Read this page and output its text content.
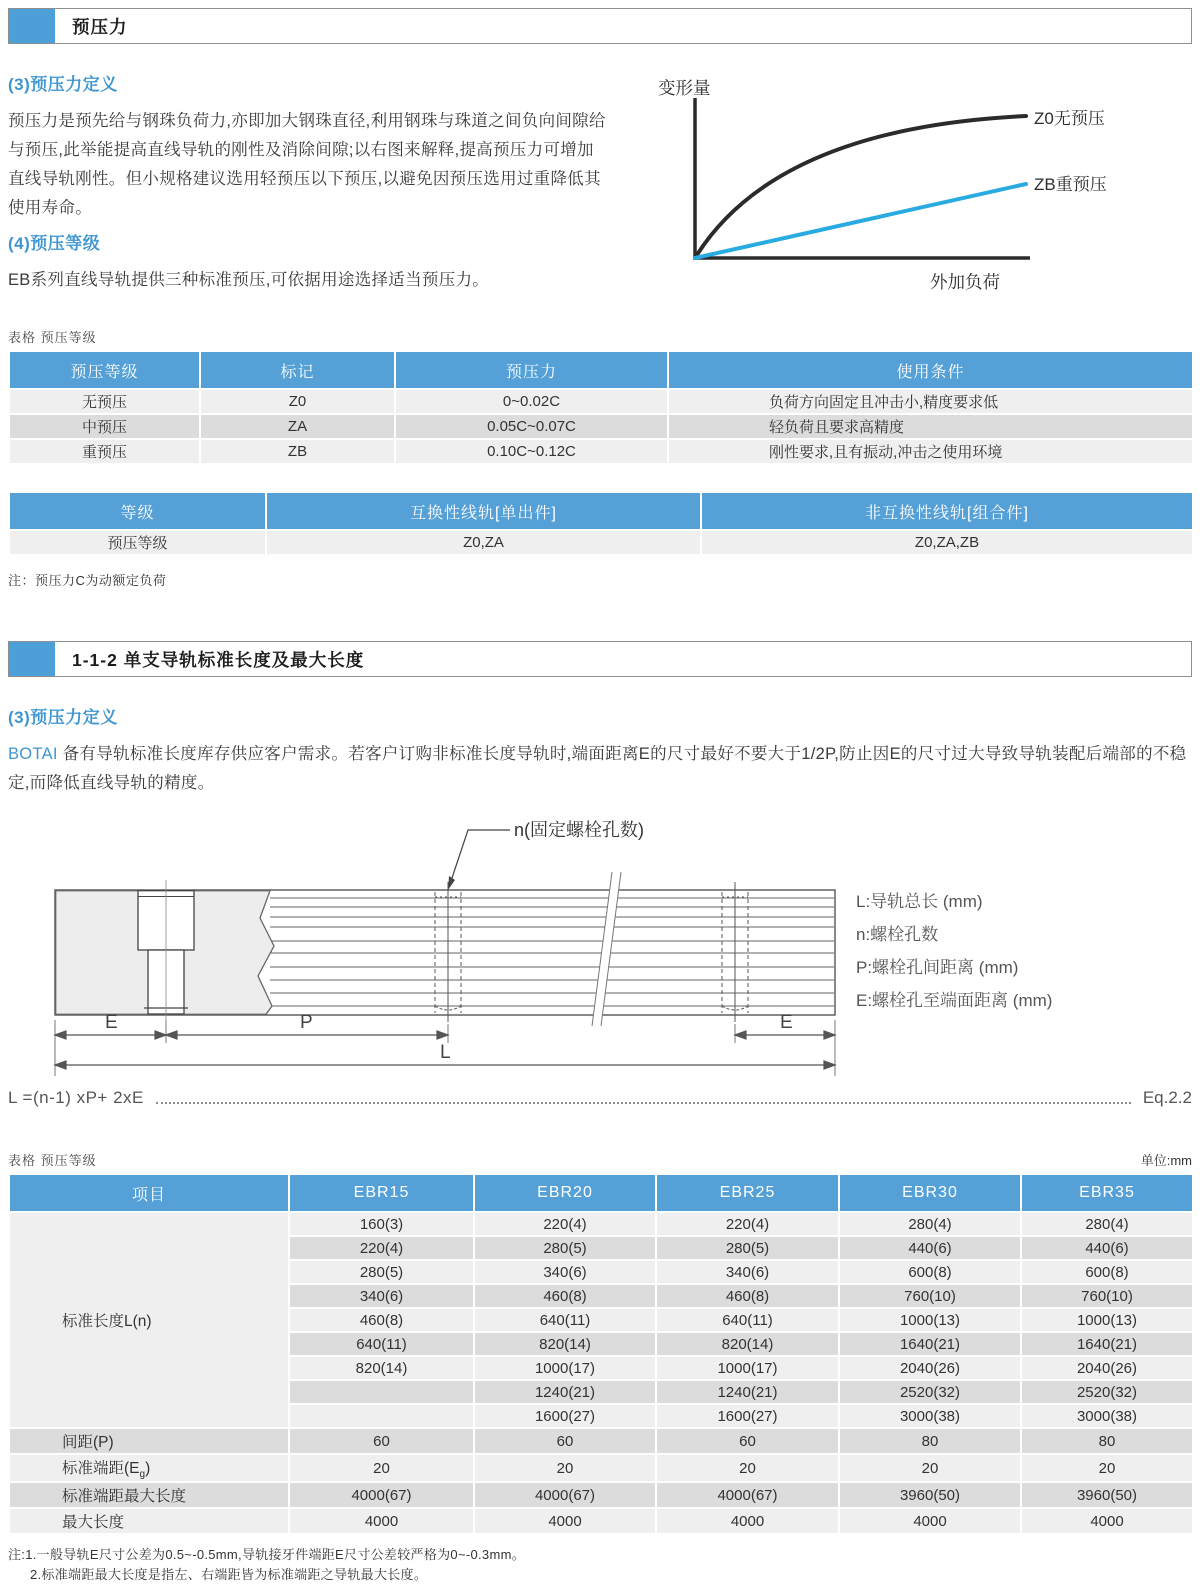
预压力
(3)预压力定义

预压力是预先给与钢珠负荷力,亦即加大钢珠直径,利用钢珠与珠道之间负向间隙给与预压,此举能提高直线导轨的刚性及消除间隙;以右图来解释,提高预压力可增加直线导轨刚性。但小规格建议选用轻预压以下预压,以避免因预压选用过重降低其使用寿命。

(4)预压等级

EB系列直线导轨提供三种标准预压,可依据用途选择适当预压力。

变形量
Z0无预压
ZB重预压
外加负荷
表格 预压等级
预压等级	标记	预压力	使用条件
无预压	Z0	0~0.02C	负荷方向固定且冲击小,精度要求低
中预压	ZA	0.05C~0.07C	轻负荷且要求高精度
重预压	ZB	0.10C~0.12C	刚性要求,且有振动,冲击之使用环境
等级	互换性线轨[单出件]	非互换性线轨[组合件]
预压等级	Z0,ZA	Z0,ZA,ZB
注：预压力C为动额定负荷
1-1-2 单支导轨标准长度及最大长度
(3)预压力定义

BOTAI 备有导轨标准长度库存供应客户需求。若客户订购非标准长度导轨时,端面距离E的尺寸最好不要大于1/2P,防止因E的尺寸过大导致导轨装配后端部的不稳定,而降低直线导轨的精度。

n(固定螺栓孔数)
E	P	E
L
L:导轨总长 (mm)
n:螺栓孔数
P:螺栓孔间距离 (mm)
E:螺栓孔至端面距离 (mm)
L =(n-1) xP+ 2xE	Eq.2.2
表格 预压等级	单位:mm
项目	EBR15	EBR20	EBR25	EBR30	EBR35
标准长度L(n)	160(3)	220(4)	220(4)	280(4)	280(4)
	220(4)	280(5)	280(5)	440(6)	440(6)
	280(5)	340(6)	340(6)	600(8)	600(8)
	340(6)	460(8)	460(8)	760(10)	760(10)
	460(8)	640(11)	640(11)	1000(13)	1000(13)
	640(11)	820(14)	820(14)	1640(21)	1640(21)
	820(14)	1000(17)	1000(17)	2040(26)	2040(26)
		1240(21)	1240(21)	2520(32)	2520(32)
		1600(27)	1600(27)	3000(38)	3000(38)
间距(P)	60	60	60	80	80
标准端距$(E_g)$	20	20	20	20	20
标准端距最大长度	4000(67)	4000(67)	4000(67)	3960(50)	3960(50)
最大长度	4000	4000	4000	4000	4000
注:1.一般导轨E尺寸公差为0.5~-0.5mm,导轨接牙件端距E尺寸公差较严格为0~-0.3mm。
2.标准端距最大长度是指左、右端距皆为标准端距之导轨最大长度。
